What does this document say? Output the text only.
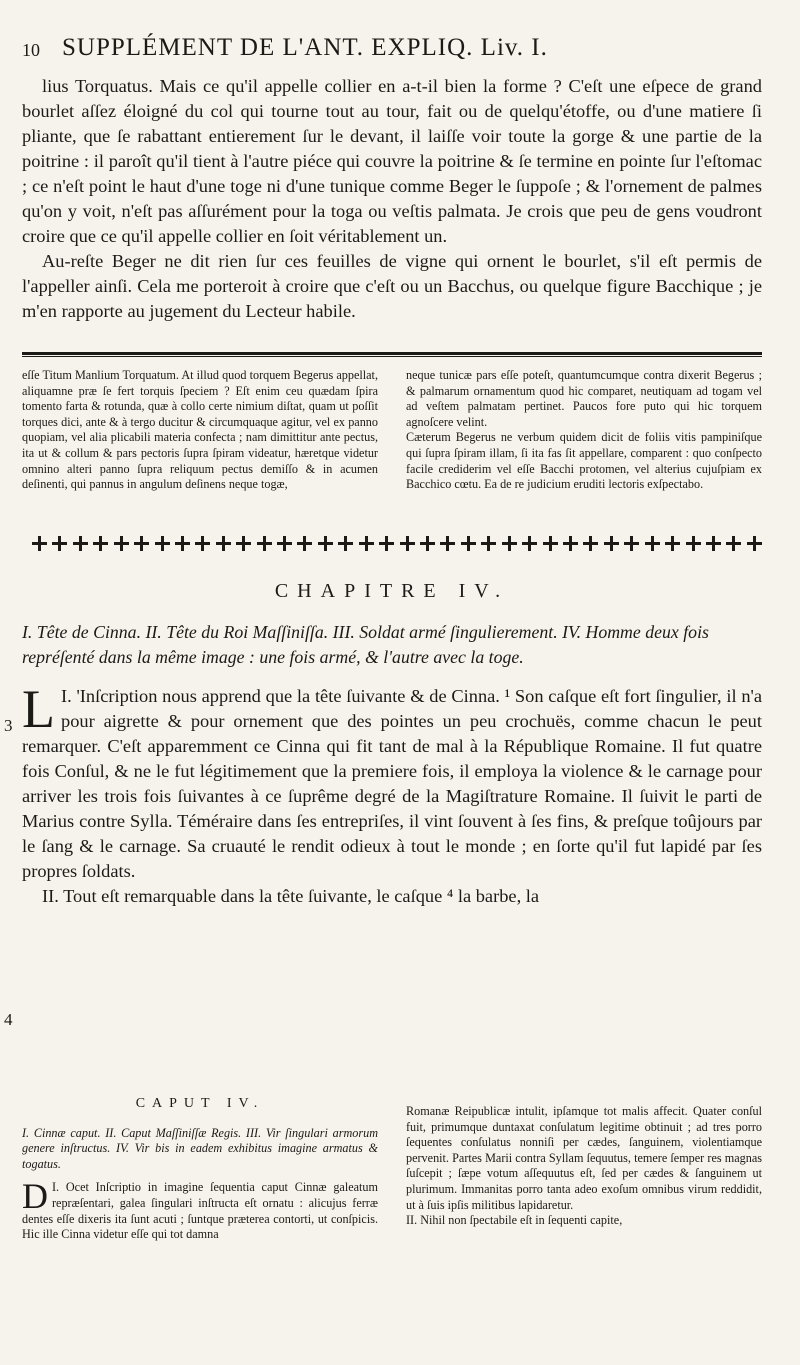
10 SUPPLÉMENT DE L'ANT. EXPLIQ. Liv. I.

lius Torquatus. Mais ce qu'il appelle collier en a-t-il bien la forme ? C'eſt une eſpece de grand bourlet aſſez éloigné du col qui tourne tout au tour, fait ou de quelqu'étoffe, ou d'une matiere ſi pliante, que ſe rabattant entierement ſur le devant, il laiſſe voir toute la gorge & une partie de la poitrine : il paroît qu'il tient à l'autre piéce qui couvre la poitrine & ſe termine en pointe ſur l'eſtomac ; ce n'eſt point le haut d'une toge ni d'une tunique comme Beger le ſuppoſe ; & l'ornement de palmes qu'on y voit, n'eſt pas aſſurément pour la toga ou veſtis palmata. Je crois que peu de gens voudront croire que ce qu'il appelle collier en ſoit véritablement un.

Au-reſte Beger ne dit rien ſur ces feuilles de vigne qui ornent le bourlet, s'il eſt permis de l'appeller ainſi. Cela me porteroit à croire que c'eſt ou un Bacchus, ou quelque figure Bacchique ; je m'en rapporte au jugement du Lecteur habile.

eſſe Titum Manlium Torquatum. At illud quod torquem Begerus appellat, aliquamne præ ſe fert torquis ſpeciem ? Eſt enim ceu quædam ſpira tomento farta & rotunda, quæ à collo certe nimium diſtat, quam ut poſſit torques dici, ante & à tergo ducitur & circumquaque agitur, vel ex panno quopiam, vel alia plicabili materia confecta ; nam dimittitur ante pectus, ita ut & collum & pars pectoris ſupra ſpiram videatur, hæretque videtur omnino alteri panno ſupra reliquum pectus demiſſo & in acumen deſinenti, qui pannus in angulum deſinens neque togæ,
neque tunicæ pars eſſe poteſt, quantumcumque contra dixerit Begerus ; & palmarum ornamentum quod hic comparet, neutiquam ad togam vel ad veſtem palmatam pertinet. Paucos fore puto qui hic torquem agnoſcere velint.
Cæterum Begerus ne verbum quidem dicit de foliis vitis pampiniſque qui ſupra ſpiram illam, ſi ita fas ſit appellare, comparent : quo conſpecto facile crediderim vel eſſe Bacchi protomen, vel alterius cujuſpiam ex Bacchico cœtu. Ea de re judicium eruditi lectoris exſpectabo.
CHAPITRE IV.
I. Tête de Cinna. II. Tête du Roi Maſſiniſſa. III. Soldat armé ſingulierement. IV. Homme deux fois repréſenté dans la même image : une fois armé, & l'autre avec la toge.

L I. 'Inſcription nous apprend que la tête ſuivante & de Cinna. ¹ Son caſque eſt fort ſingulier, il n'a pour aigrette & pour ornement que des pointes un peu crochuës, comme chacun le peut remarquer. C'eſt apparemment ce Cinna qui fit tant de mal à la République Romaine. Il fut quatre fois Conſul, & ne le fut légitimement que la premiere fois, il employa la violence & le carnage pour arriver les trois fois ſuivantes à ce ſuprême degré de la Magiſtrature Romaine. Il ſuivit le parti de Marius contre Sylla. Téméraire dans ſes entrepriſes, il vint ſouvent à ſes fins, & preſque toûjours par le ſang & le carnage. Sa cruauté le rendit odieux à tout le monde ; en ſorte qu'il fut lapidé par ſes propres ſoldats.

II. Tout eſt remarquable dans la tête ſuivante, le caſque ⁴ la barbe, la

3
4
CAPUT IV.
I. Cinnæ caput. II. Caput Maſſiniſſæ Regis. III. Vir ſingulari armorum genere inſtructus. IV. Vir bis in eadem exhibitus imagine armatus & togatus.
D I. Ocet Inſcriptio in imagine ſequentia caput Cinnæ galeatum repræſentari, galea ſingulari inſtructa eſt ornatu : alicujus ferræ dentes eſſe dixeris ita ſunt acuti ; ſuntque præterea contorti, ut conſpicis. Hic ille Cinna videtur eſſe qui tot damna
Romanæ Reipublicæ intulit, ipſamque tot malis affecit. Quater conſul fuit, primumque duntaxat conſulatum legitime obtinuit ; ad tres porro ſequentes conſulatus nonniſi per cædes, ſanguinem, violentiamque pervenit. Partes Marii contra Syllam ſequutus, temere ſemper res magnas ſuſcepit ; ſæpe votum aſſequutus eſt, ſed per cædes & ſanguinem ut plurimum. Immanitas porro tanta adeo exoſum omnibus virum reddidit, ut à ſuis ipſis militibus lapidaretur.
II. Nihil non ſpectabile eſt in ſequenti capite,
